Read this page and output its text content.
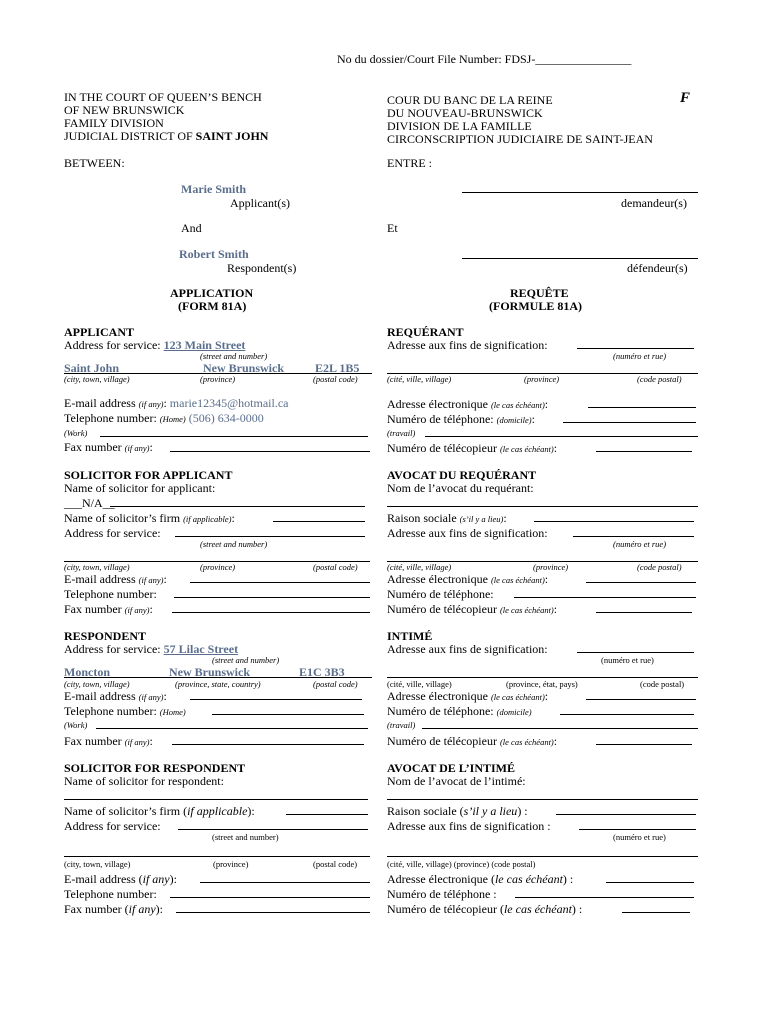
No du dossier/Court File Number: FDSJ-________________
IN THE COURT OF QUEEN’S BENCH
OF NEW BRUNSWICK
FAMILY DIVISION
JUDICIAL DISTRICT OF SAINT JOHN
COUR DU BANC DE LA REINE	F
DU NOUVEAU-BRUNSWICK
DIVISION DE LA FAMILLE
CIRCONSCRIPTION JUDICIAIRE DE SAINT-JEAN
BETWEEN:	ENTRE :
Marie Smith
Applicant(s)	demandeur(s)
And	Et
Robert Smith
Respondent(s)	défendeur(s)
APPLICATION
(FORM 81A)
REQUÊTE
(FORMULE 81A)
APPLICANT
Address for service: 123 Main Street
(street and number)
Saint John	New Brunswick	E2L 1B5
(city, town, village)	(province)	(postal code)
E-mail address (if any): marie12345@hotmail.ca
Telephone number: (Home) (506) 634-0000
(Work)
Fax number (if any):
REQUÉRANT
Adresse aux fins de signification:
(numéro et rue)
(cité, ville, village)	(province)	(code postal)
Adresse électronique (le cas échéant):
Numéro de téléphone: (domicile):
(travail)
Numéro de télécopieur (le cas échéant):
SOLICITOR FOR APPLICANT
Name of solicitor for applicant:
___N/A__
Name of solicitor’s firm (if applicable):
Address for service:
(street and number)
(city, town, village)	(province)	(postal code)
E-mail address (if any):
Telephone number:
Fax number (if any):
AVOCAT DU REQUÉRANT
Nom de l’avocat du requérant:
Raison sociale (s’il y a lieu):
Adresse aux fins de signification:
(numéro et rue)
(cité, ville, village)	(province)	(code postal)
Adresse électronique (le cas échéant):
Numéro de téléphone:
Numéro de télécopieur (le cas échéant):
RESPONDENT
Address for service: 57 Lilac Street
(street and number)
Moncton	New Brunswick	E1C 3B3
(city, town, village)	(province, state, country)	(postal code)
E-mail address (if any):
Telephone number: (Home)
(Work)
Fax number (if any):
INTIMÉ
Adresse aux fins de signification:
(numéro et rue)
(cité, ville, village)	(province, état, pays)	(code postal)
Adresse électronique (le cas échéant):
Numéro de téléphone: (domicile)
(travail)
Numéro de télécopieur (le cas échéant):
SOLICITOR FOR RESPONDENT
Name of solicitor for respondent:
Name of solicitor’s firm (if applicable):
Address for service:
(street and number)
(city, town, village)	(province)	(postal code)
E-mail address (if any):
Telephone number:
Fax number (if any):
AVOCAT DE L’INTIMÉ
Nom de l’avocat de l’intimé:
Raison sociale (s’il y a lieu) :
Adresse aux fins de signification :
(numéro et rue)
(cité, ville, village) (province) (code postal)
Adresse électronique (le cas échéant) :
Numéro de téléphone :
Numéro de télécopieur (le cas échéant) :
